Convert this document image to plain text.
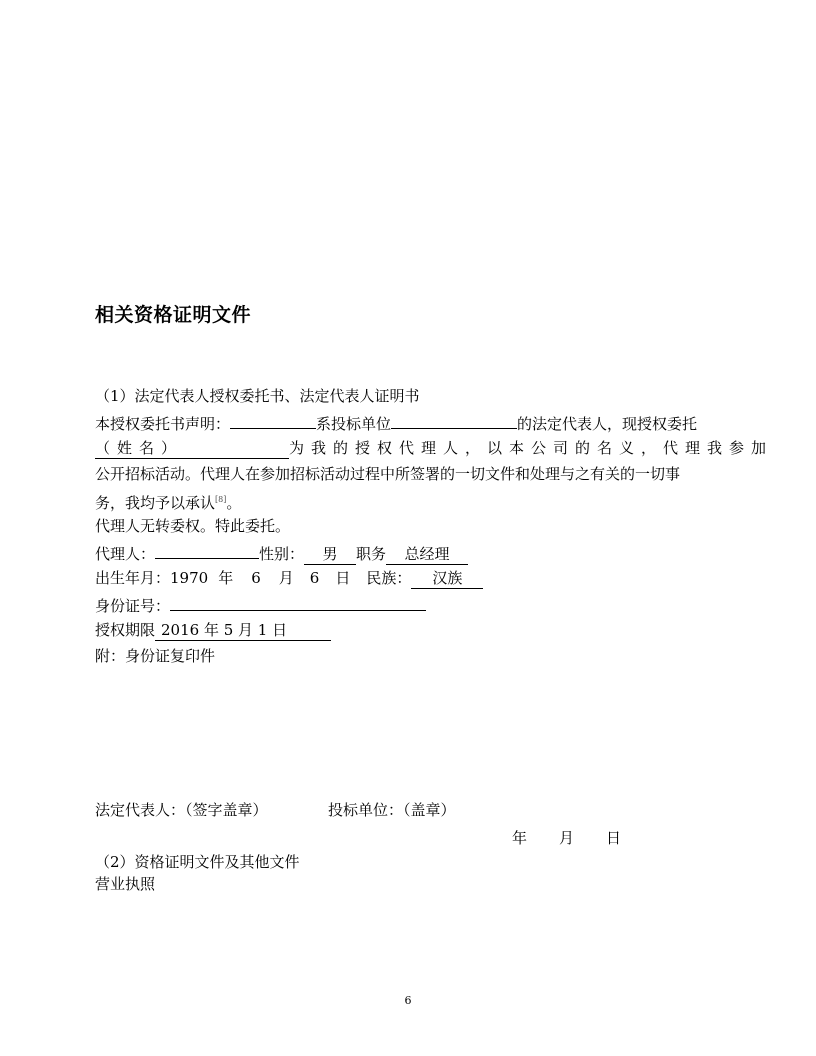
相关资格证明文件
（1）法定代表人授权委托书、法定代表人证明书
本授权委托书声明：	系投标单位	的法定代表人，现授权委托
（姓名）	为我的授权代理人，以本公司的名义，代理我参加
公开招标活动。代理人在参加招标活动过程中所签署的一切文件和处理与之有关的一切事
务，我均予以承认[8]。
代理人无转委权。特此委托。
代理人：	性别： 男 职务 总经理
出生年月：1970 年 6 月 6 日 民族： 汉族
身份证号：
授权期限 2016 年 5 月 1 日
附：身份证复印件
法定代表人：（签字盖章）	投标单位：（盖章）
年 月 日
（2）资格证明文件及其他文件
营业执照
6
